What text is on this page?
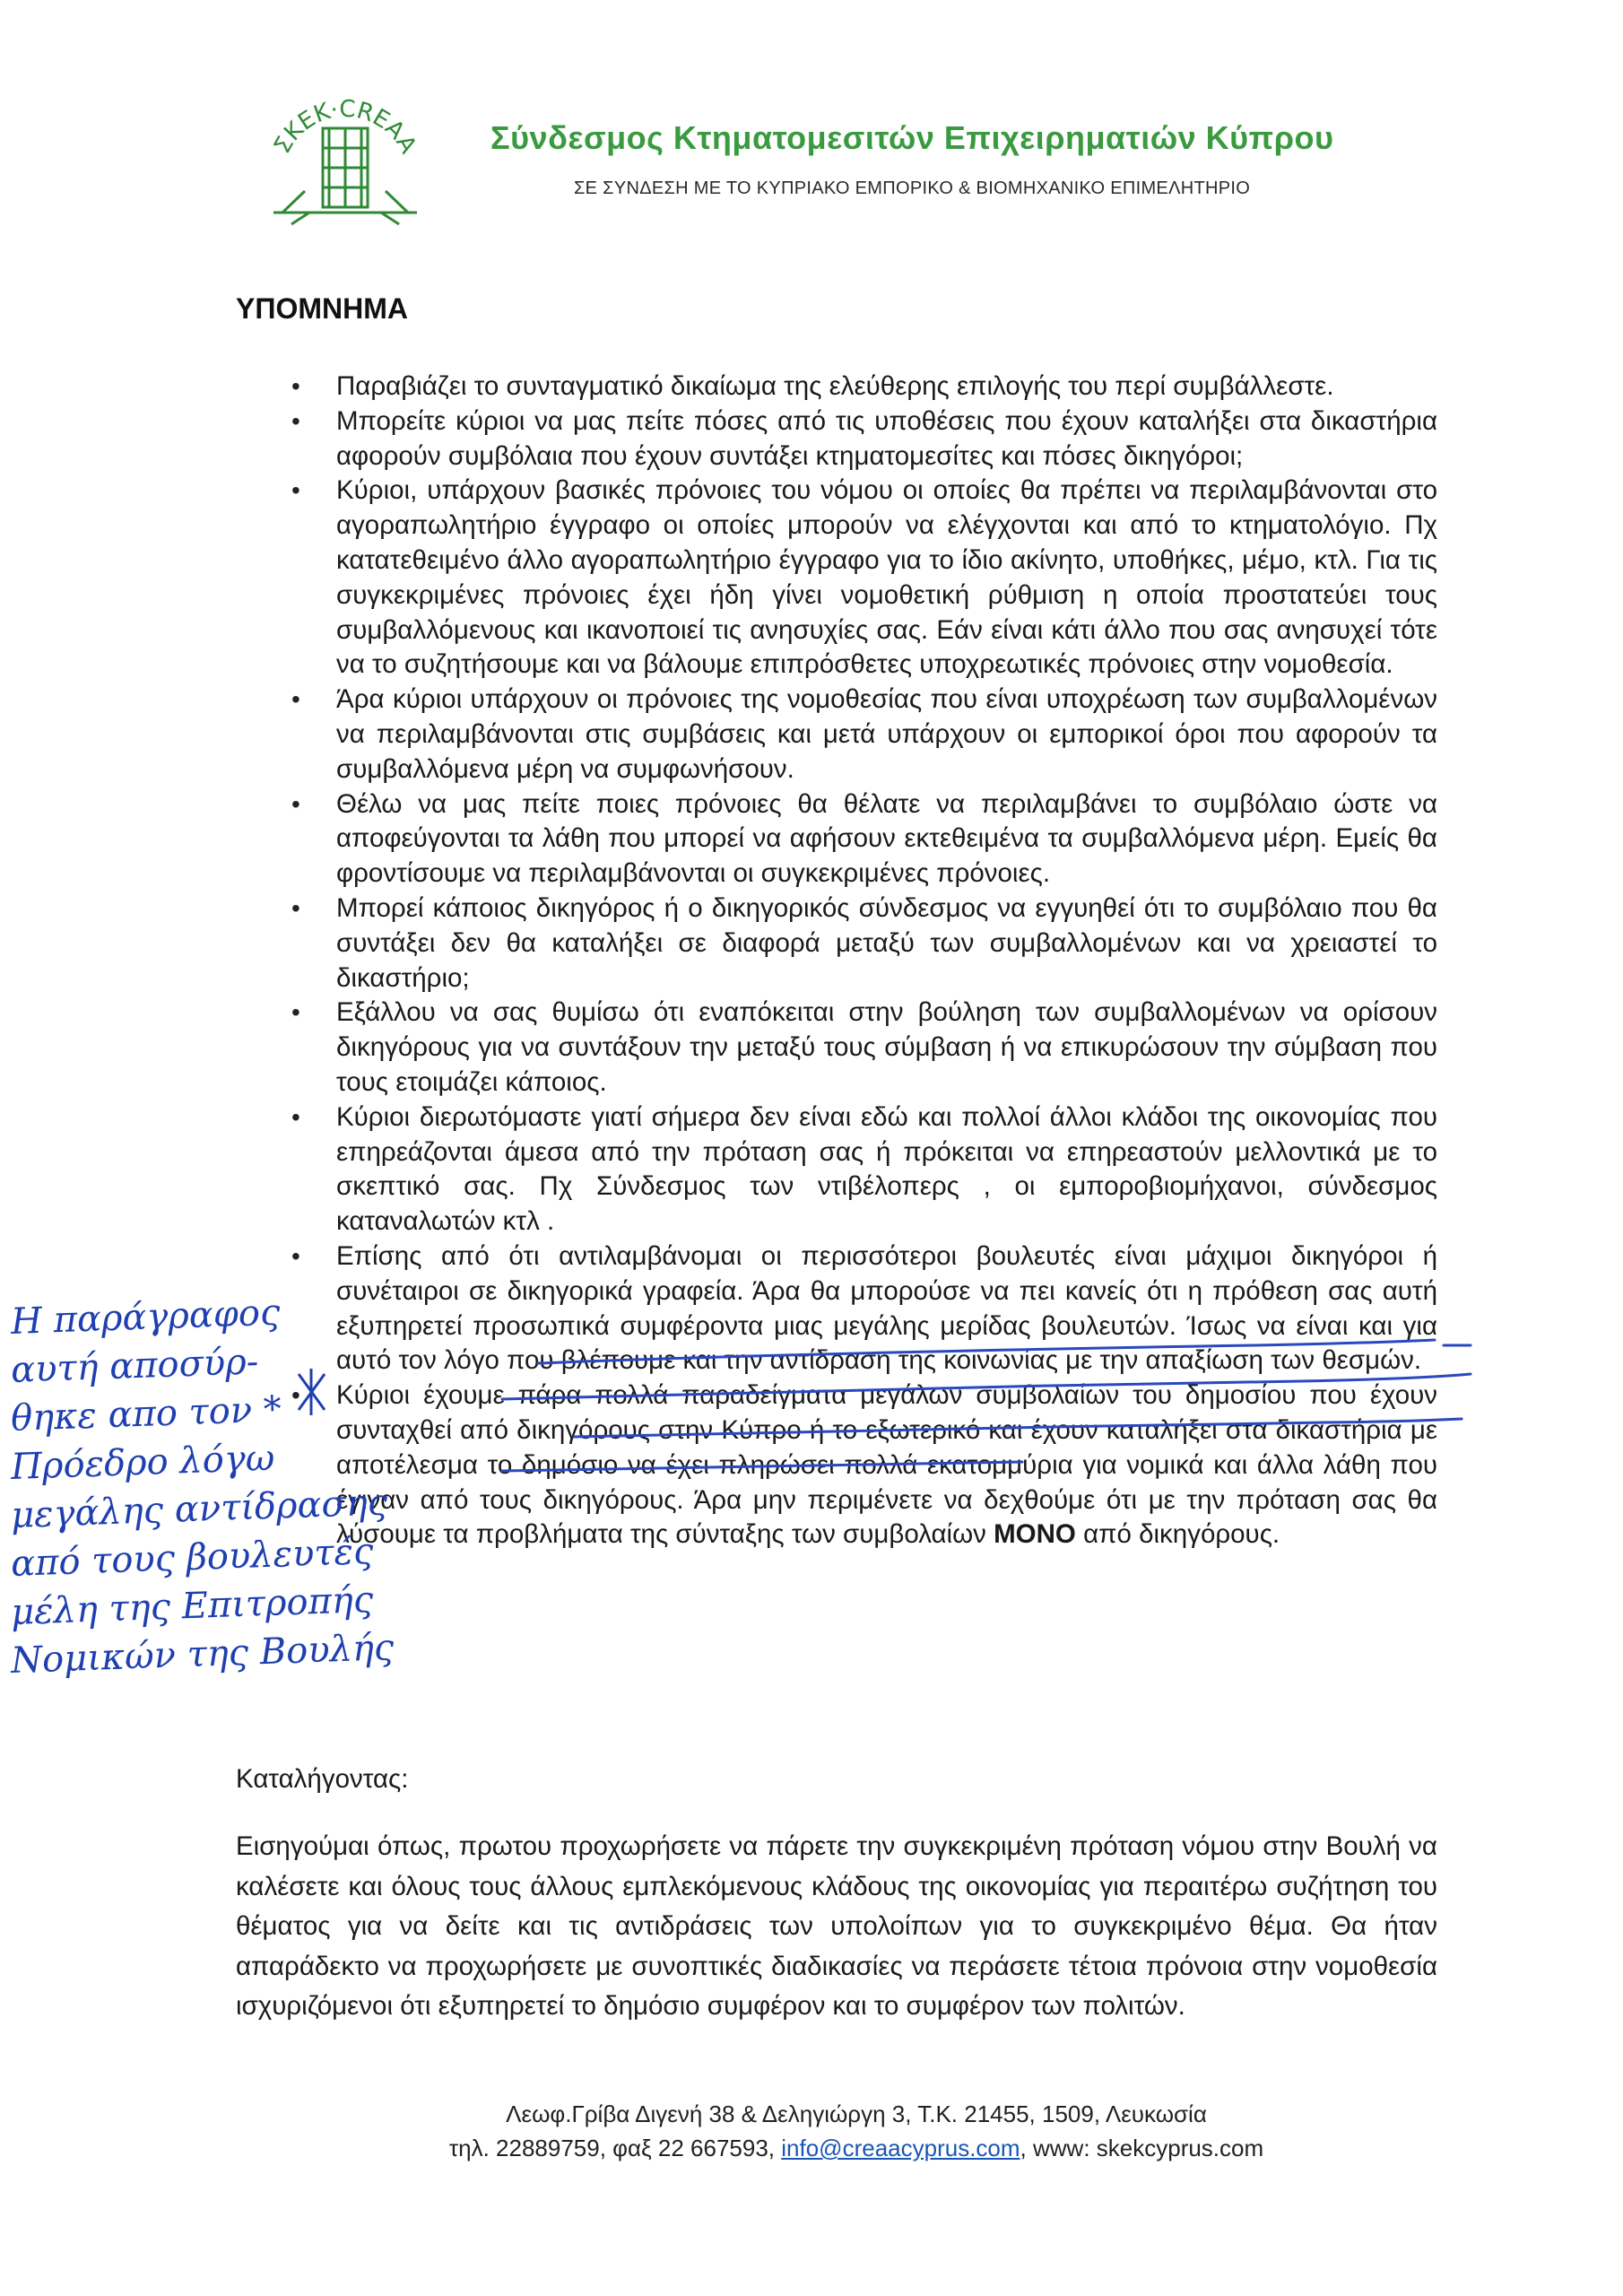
ΣΚΕΚ·CREAA Σύνδεσμος Κτηματομεσιτών Επιχειρηματιών Κύπρου
ΣΕ ΣΥΝΔΕΣΗ ΜΕ ΤΟ ΚΥΠΡΙΑΚΟ ΕΜΠΟΡΙΚΟ & ΒΙΟΜΗΧΑΝΙΚΟ ΕΠΙΜΕΛΗΤΗΡΙΟ
ΥΠΟΜΝΗΜΑ
• Παραβιάζει το συνταγματικό δικαίωμα της ελεύθερης επιλογής του περί συμβάλλεστε.
• Μπορείτε κύριοι να μας πείτε πόσες από τις υποθέσεις που έχουν καταλήξει στα δικαστήρια αφορούν συμβόλαια που έχουν συντάξει κτηματομεσίτες και πόσες δικηγόροι;
• Κύριοι, υπάρχουν βασικές πρόνοιες του νόμου οι οποίες θα πρέπει να περιλαμβάνονται στο αγοραπωλητήριο έγγραφο οι οποίες μπορούν να ελέγχονται και από το κτηματολόγιο. Πχ κατατεθειμένο άλλο αγοραπωλητήριο έγγραφο για το ίδιο ακίνητο, υποθήκες, μέμο, κτλ. Για τις συγκεκριμένες πρόνοιες έχει ήδη γίνει νομοθετική ρύθμιση η οποία προστατεύει τους συμβαλλόμενους και ικανοποιεί τις ανησυχίες σας. Εάν είναι κάτι άλλο που σας ανησυχεί τότε να το συζητήσουμε και να βάλουμε επιπρόσθετες υποχρεωτικές πρόνοιες στην νομοθεσία.
• Άρα κύριοι υπάρχουν οι πρόνοιες της νομοθεσίας που είναι υποχρέωση των συμβαλλομένων να περιλαμβάνονται στις συμβάσεις και μετά υπάρχουν οι εμπορικοί όροι που αφορούν τα συμβαλλόμενα μέρη να συμφωνήσουν.
• Θέλω να μας πείτε ποιες πρόνοιες θα θέλατε να περιλαμβάνει το συμβόλαιο ώστε να αποφεύγονται τα λάθη που μπορεί να αφήσουν εκτεθειμένα τα συμβαλλόμενα μέρη. Εμείς θα φροντίσουμε να περιλαμβάνονται οι συγκεκριμένες πρόνοιες.
• Μπορεί κάποιος δικηγόρος ή ο δικηγορικός σύνδεσμος να εγγυηθεί ότι το συμβόλαιο που θα συντάξει δεν θα καταλήξει σε διαφορά μεταξύ των συμβαλλομένων και να χρειαστεί το δικαστήριο;
• Εξάλλου να σας θυμίσω ότι εναπόκειται στην βούληση των συμβαλλομένων να ορίσουν δικηγόρους για να συντάξουν την μεταξύ τους σύμβαση ή να επικυρώσουν την σύμβαση που τους ετοιμάζει κάποιος.
• Κύριοι διερωτόμαστε γιατί σήμερα δεν είναι εδώ και πολλοί άλλοι κλάδοι της οικονομίας που επηρεάζονται άμεσα από την πρόταση σας ή πρόκειται να επηρεαστούν μελλοντικά με το σκεπτικό σας. Πχ Σύνδεσμος των ντιβέλοπερς , οι εμποροβιομήχανοι, σύνδεσμος καταναλωτών κτλ .
• Επίσης από ότι αντιλαμβάνομαι οι περισσότεροι βουλευτές είναι μάχιμοι δικηγόροι ή συνέταιροι σε δικηγορικά γραφεία. Άρα θα μπορούσε να πει κανείς ότι η πρόθεση σας αυτή εξυπηρετεί προσωπικά συμφέροντα μιας μεγάλης μερίδας βουλευτών. Ίσως να είναι και για αυτό τον λόγο που βλέπουμε και την αντίδραση της κοινωνίας με την απαξίωση των θεσμών.
• Κύριοι έχουμε πάρα πολλά παραδείγματα μεγάλων συμβολαίων του δημοσίου που έχουν συνταχθεί από δικηγόρους στην Κύπρο ή το εξωτερικό και έχουν καταλήξει στα δικαστήρια με αποτέλεσμα το δημόσιο να έχει πληρώσει πολλά εκατομμύρια για νομικά και άλλα λάθη που έγιναν από τους δικηγόρους. Άρα μην περιμένετε να δεχθούμε ότι με την πρόταση σας θα λύσουμε τα προβλήματα της σύνταξης των συμβολαίων ΜΟΝΟ από δικηγόρους.

Καταλήγοντας:

Εισηγούμαι όπως, πρωτου προχωρήσετε να πάρετε την συγκεκριμένη πρόταση νόμου στην Βουλή να καλέσετε και όλους τους άλλους εμπλεκόμενους κλάδους της οικονομίας για περαιτέρω συζήτηση του θέματος για να δείτε και τις αντιδράσεις των υπολοίπων για το συγκεκριμένο θέμα. Θα ήταν απαράδεκτο να προχωρήσετε με συνοπτικές διαδικασίες να περάσετε τέτοια πρόνοια στην νομοθεσία ισχυριζόμενοι ότι εξυπηρετεί το δημόσιο συμφέρον και το συμφέρον των πολιτών.

Λεωφ.Γρίβα Διγενή 38 & Δεληγιώργη 3, Τ.Κ. 21455, 1509, Λευκωσία
τηλ. 22889759, φαξ 22 667593, info@creaacyprus.com, www: skekcyprus.com
Η παράγραφος
αυτή αποσύρ-
θηκε απο τον *
Πρόεδρο λόγω
μεγάλης αντίδρασης
από τους βουλευτές
μέλη της Επιτροπής
Νομικών της Βουλής
